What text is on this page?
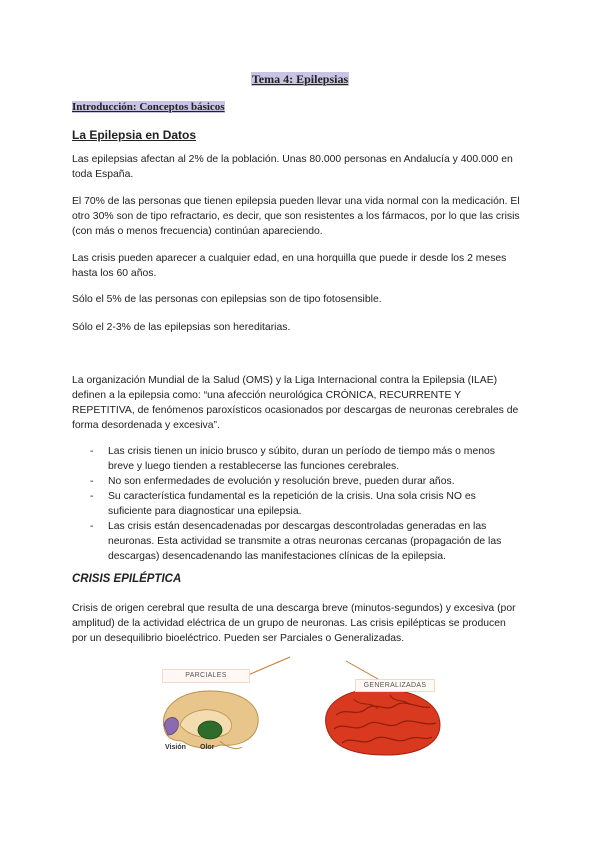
Tema 4: Epilepsias
Introducción: Conceptos básicos
La Epilepsia en Datos

Las epilepsias afectan al 2% de la población. Unas 80.000 personas en Andalucía y 400.000 en toda España.

El 70% de las personas que tienen epilepsia pueden llevar una vida normal con la medicación. El otro 30% son de tipo refractario, es decir, que son resistentes a los fármacos, por lo que las crisis (con más o menos frecuencia) continúan apareciendo.

Las crisis pueden aparecer a cualquier edad, en una horquilla que puede ir desde los 2 meses hasta los 60 años.

Sólo el 5% de las personas con epilepsias son de tipo fotosensible.

Sólo el 2-3% de las epilepsias son hereditarias.

La organización Mundial de la Salud (OMS) y la Liga Internacional contra la Epilepsia (ILAE) definen a la epilepsia como: “una afección neurológica CRÓNICA, RECURRENTE Y REPETITIVA, de fenómenos paroxísticos ocasionados por descargas de neuronas cerebrales de forma desordenada y excesiva”.

- Las crisis tienen un inicio brusco y súbito, duran un período de tiempo más o menos breve y luego tienden a restablecerse las funciones cerebrales.
- No son enfermedades de evolución y resolución breve, pueden durar años.
- Su característica fundamental es la repetición de la crisis. Una sola crisis NO es suficiente para diagnosticar una epilepsia.
- Las crisis están desencadenadas por descargas descontroladas generadas en las neuronas. Esta actividad se transmite a otras neuronas cercanas (propagación de las descargas) desencadenando las manifestaciones clínicas de la epilepsia.
CRISIS EPILÉPTICA

Crisis de origen cerebral que resulta de una descarga breve (minutos-segundos) y excesiva (por amplitud) de la actividad eléctrica de un grupo de neuronas. Las crisis epilépticas se producen por un desequilibrio bioeléctrico. Pueden ser Parciales o Generalizadas.

PARCIALES
GENERALIZADAS
Visión Olor
